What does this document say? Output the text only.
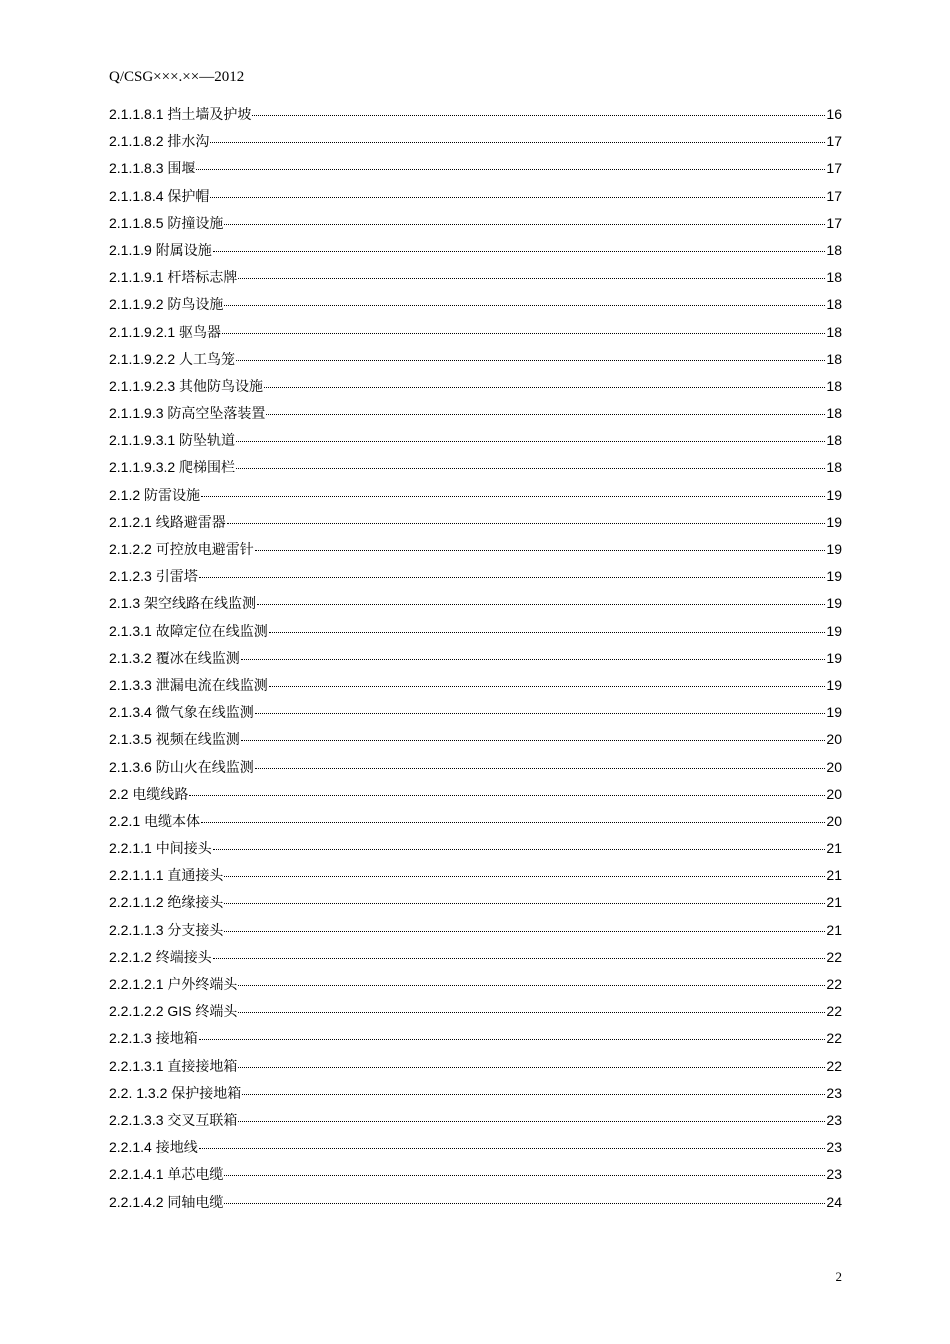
Q/CSG×××.××—2012
2.1.1.8.1 挡土墙及护坡	16
2.1.1.8.2 排水沟	17
2.1.1.8.3 围堰	17
2.1.1.8.4 保护帽	17
2.1.1.8.5 防撞设施	17
2.1.1.9 附属设施	18
2.1.1.9.1 杆塔标志牌	18
2.1.1.9.2 防鸟设施	18
2.1.1.9.2.1 驱鸟器	18
2.1.1.9.2.2 人工鸟笼	18
2.1.1.9.2.3 其他防鸟设施	18
2.1.1.9.3 防高空坠落装置	18
2.1.1.9.3.1 防坠轨道	18
2.1.1.9.3.2 爬梯围栏	18
2.1.2 防雷设施	19
2.1.2.1 线路避雷器	19
2.1.2.2 可控放电避雷针	19
2.1.2.3 引雷塔	19
2.1.3 架空线路在线监测	19
2.1.3.1 故障定位在线监测	19
2.1.3.2 覆冰在线监测	19
2.1.3.3 泄漏电流在线监测	19
2.1.3.4 微气象在线监测	19
2.1.3.5 视频在线监测	20
2.1.3.6 防山火在线监测	20
2.2 电缆线路	20
2.2.1 电缆本体	20
2.2.1.1 中间接头	21
2.2.1.1.1 直通接头	21
2.2.1.1.2 绝缘接头	21
2.2.1.1.3 分支接头	21
2.2.1.2 终端接头	22
2.2.1.2.1 户外终端头	22
2.2.1.2.2 GIS 终端头	22
2.2.1.3 接地箱	22
2.2.1.3.1 直接接地箱	22
2.2. 1.3.2 保护接地箱	23
2.2.1.3.3 交叉互联箱	23
2.2.1.4 接地线	23
2.2.1.4.1 单芯电缆	23
2.2.1.4.2 同轴电缆	24
2
